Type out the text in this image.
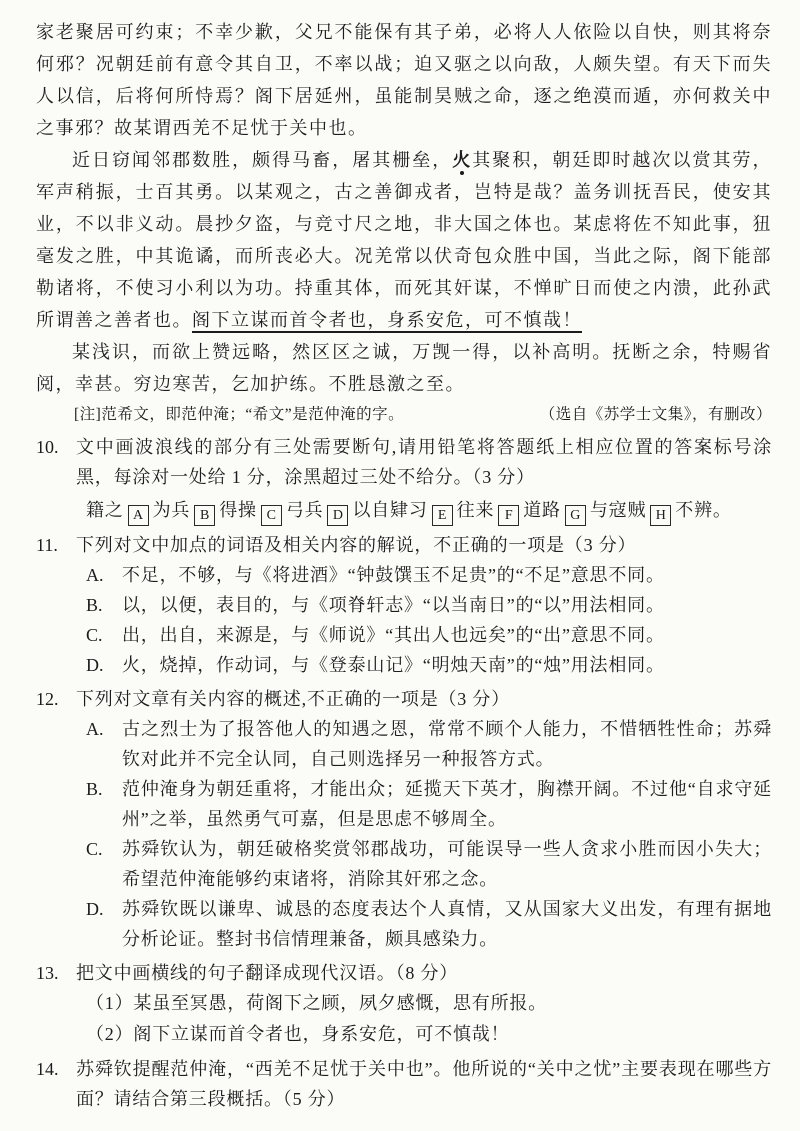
家老聚居可约束；不幸少歉，父兄不能保有其子弟，必将人人依险以自快，则其将奈何邪？况朝廷前有意令其自卫，不率以战；迫又驱之以向敌，人颇失望。有天下而失人以信，后将何所恃焉？阁下居延州，虽能制昊贼之命，逐之绝漠而遁，亦何救关中之事邪？故某谓西羌不足忧于关中也。

近日窃闻邻郡数胜，颇得马畜，屠其栅垒，火其聚积，朝廷即时越次以赏其劳，军声稍振，士百其勇。以某观之，古之善御戎者，岂特是哉？盖务训抚吾民，使安其业，不以非义动。晨抄夕盗，与竞寸尺之地，非大国之体也。某虑将佐不知此事，狃毫发之胜，中其诡谲，而所丧必大。况羌常以伏奇包众胜中国，当此之际，阁下能部勒诸将，不使习小利以为功。持重其体，而死其奸谋，不惮旷日而使之内溃，此孙武所谓善之善者也。阁下立谋而首令者也，身系安危，可不慎哉！

某浅识，而欲上赞远略，然区区之诚，万觊一得，以补高明。抚断之余，特赐省阅，幸甚。穷边寒苦，乞加护练。不胜恳激之至。

[注]范希文，即范仲淹；“希文”是范仲淹的字。	（选自《苏学士文集》，有删改）
10. 文中画波浪线的部分有三处需要断句,请用铅笔将答题纸上相应位置的答案标号涂黑，每涂对一处给 1 分，涂黑超过三处不给分。（3 分）
籍之 A 为兵 B 得操 C 弓兵 D 以自肄习 E 往来 F 道路 G 与寇贼 H 不辨。
11.	下列对文中加点的词语及相关内容的解说，不正确的一项是（3 分）
A.	不足，不够，与《将进酒》“钟鼓馔玉不足贵”的“不足”意思不同。
B.	以，以便，表目的，与《项脊轩志》“以当南日”的“以”用法相同。
C.	出，出自，来源是，与《师说》“其出人也远矣”的“出”意思不同。
D.	火，烧掉，作动词，与《登泰山记》“明烛天南”的“烛”用法相同。
12. 下列对文章有关内容的概述,不正确的一项是（3 分）
A.	古之烈士为了报答他人的知遇之恩，常常不顾个人能力，不惜牺牲性命；苏舜钦对此并不完全认同，自己则选择另一种报答方式。
B.	范仲淹身为朝廷重将，才能出众；延揽天下英才，胸襟开阔。不过他“自求守延州”之举，虽然勇气可嘉，但是思虑不够周全。
C.	苏舜钦认为，朝廷破格奖赏邻郡战功，可能误导一些人贪求小胜而因小失大；希望范仲淹能够约束诸将，消除其奸邪之念。
D.	苏舜钦既以谦卑、诚恳的态度表达个人真情，又从国家大义出发，有理有据地分析论证。整封书信情理兼备，颇具感染力。
13. 把文中画横线的句子翻译成现代汉语。（8 分）
（1）某虽至冥愚，荷阁下之顾，夙夕感慨，思有所报。
（2）阁下立谋而首令者也，身系安危，可不慎哉！
14. 苏舜钦提醒范仲淹，“西羌不足忧于关中也”。他所说的“关中之忧”主要表现在哪些方面？请结合第三段概括。（5 分）
